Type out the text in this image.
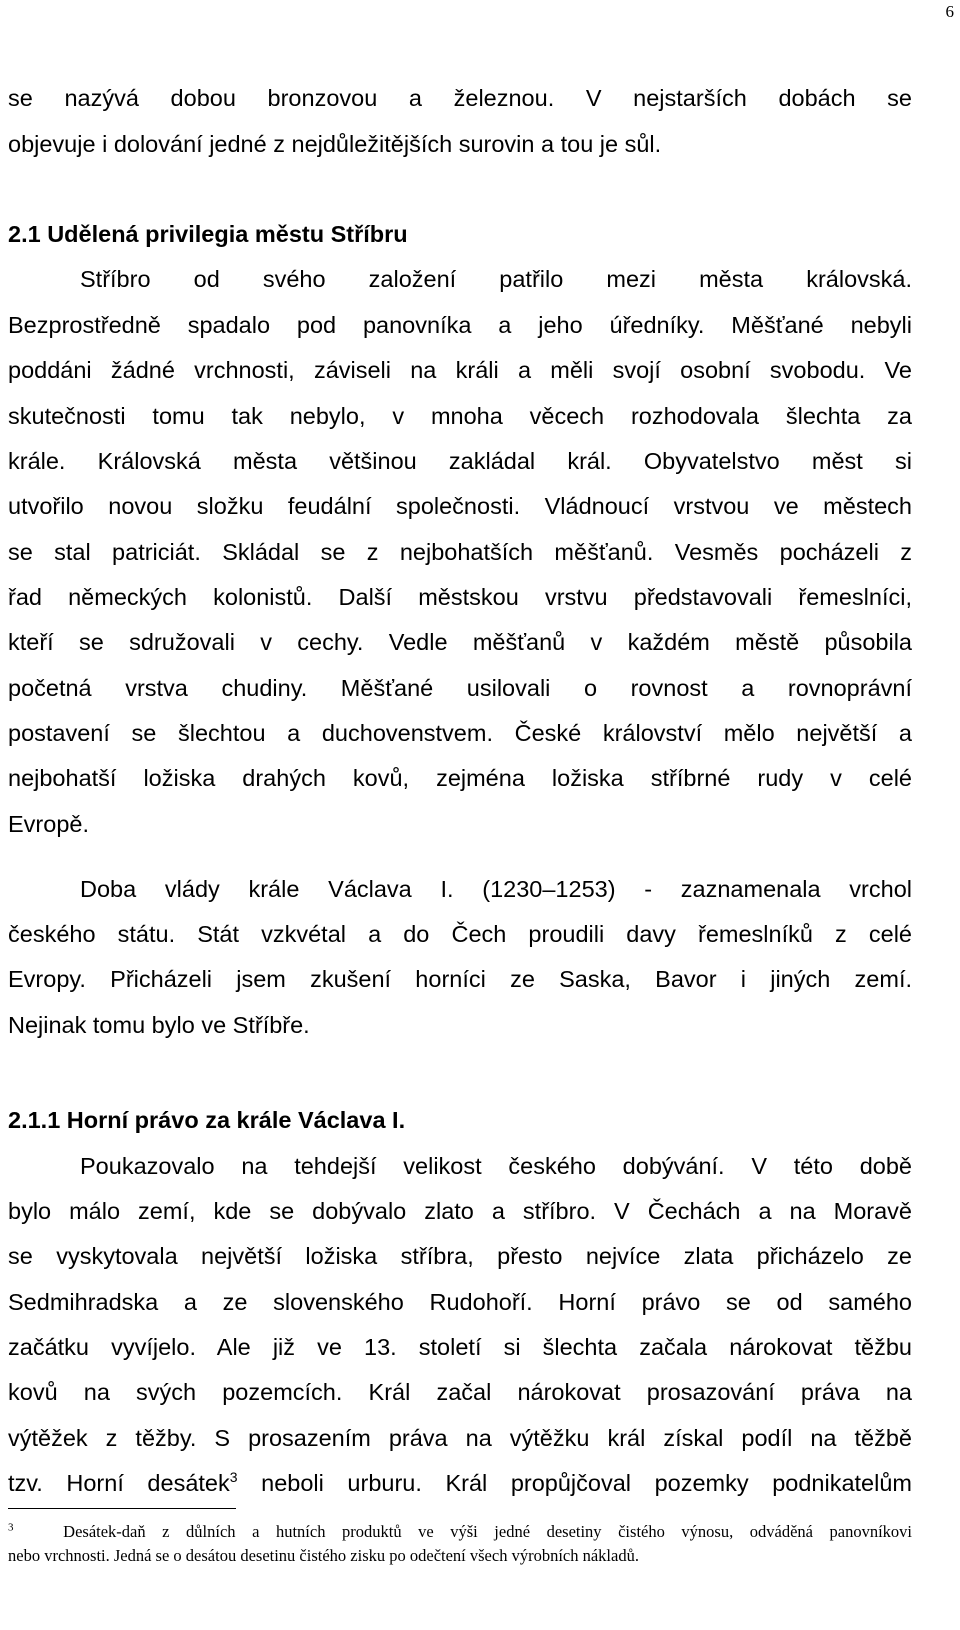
6

se nazývá dobou bronzovou a železnou. V nejstarších dobách se

objevuje i dolování jedné z nejdůležitějších surovin a tou je sůl.

2.1 Udělená privilegia městu Stříbru

Stříbro od svého založení patřilo mezi města královská.

Bezprostředně spadalo pod panovníka a jeho úředníky. Měšťané nebyli

poddáni žádné vrchnosti, záviseli na králi a měli svojí osobní svobodu. Ve

skutečnosti tomu tak nebylo, v mnoha věcech rozhodovala šlechta za

krále. Královská města většinou zakládal král. Obyvatelstvo měst si

utvořilo novou složku feudální společnosti. Vládnoucí vrstvou ve městech

se stal patriciát. Skládal se z nejbohatších měšťanů. Vesměs pocházeli z

řad německých kolonistů. Další městskou vrstvu představovali řemeslníci,

kteří se sdružovali v cechy. Vedle měšťanů v každém městě působila

početná vrstva chudiny. Měšťané usilovali o rovnost a rovnoprávní

postavení se šlechtou a duchovenstvem. České království mělo největší a

nejbohatší ložiska drahých kovů, zejména ložiska stříbrné rudy v celé

Evropě.

Doba vlády krále Václava I. (1230–1253) - zaznamenala vrchol

českého státu. Stát vzkvétal a do Čech proudili davy řemeslníků z celé

Evropy. Přicházeli jsem zkušení horníci ze Saska, Bavor i jiných zemí.

Nejinak tomu bylo ve Stříbře.

2.1.1 Horní právo za krále Václava I.

Poukazovalo na tehdejší velikost českého dobývání. V této době

bylo málo zemí, kde se dobývalo zlato a stříbro. V Čechách a na Moravě

se vyskytovala největší ložiska stříbra, přesto nejvíce zlata přicházelo ze

Sedmihradska a ze slovenského Rudohoří. Horní právo se od samého

začátku vyvíjelo. Ale již ve 13. století si šlechta začala nárokovat těžbu

kovů na svých pozemcích. Král začal nárokovat prosazování práva na

výtěžek z těžby. S prosazením práva na výtěžku král získal podíl na těžbě

tzv. Horní desátek$^3$ neboli urburu. Král propůjčoval pozemky podnikatelům

$^3$	Desátek-daň z důlních a hutních produktů ve výši jedné desetiny čistého výnosu, odváděná panovníkovi

nebo vrchnosti. Jedná se o desátou desetinu čistého zisku po odečtení všech výrobních nákladů.
